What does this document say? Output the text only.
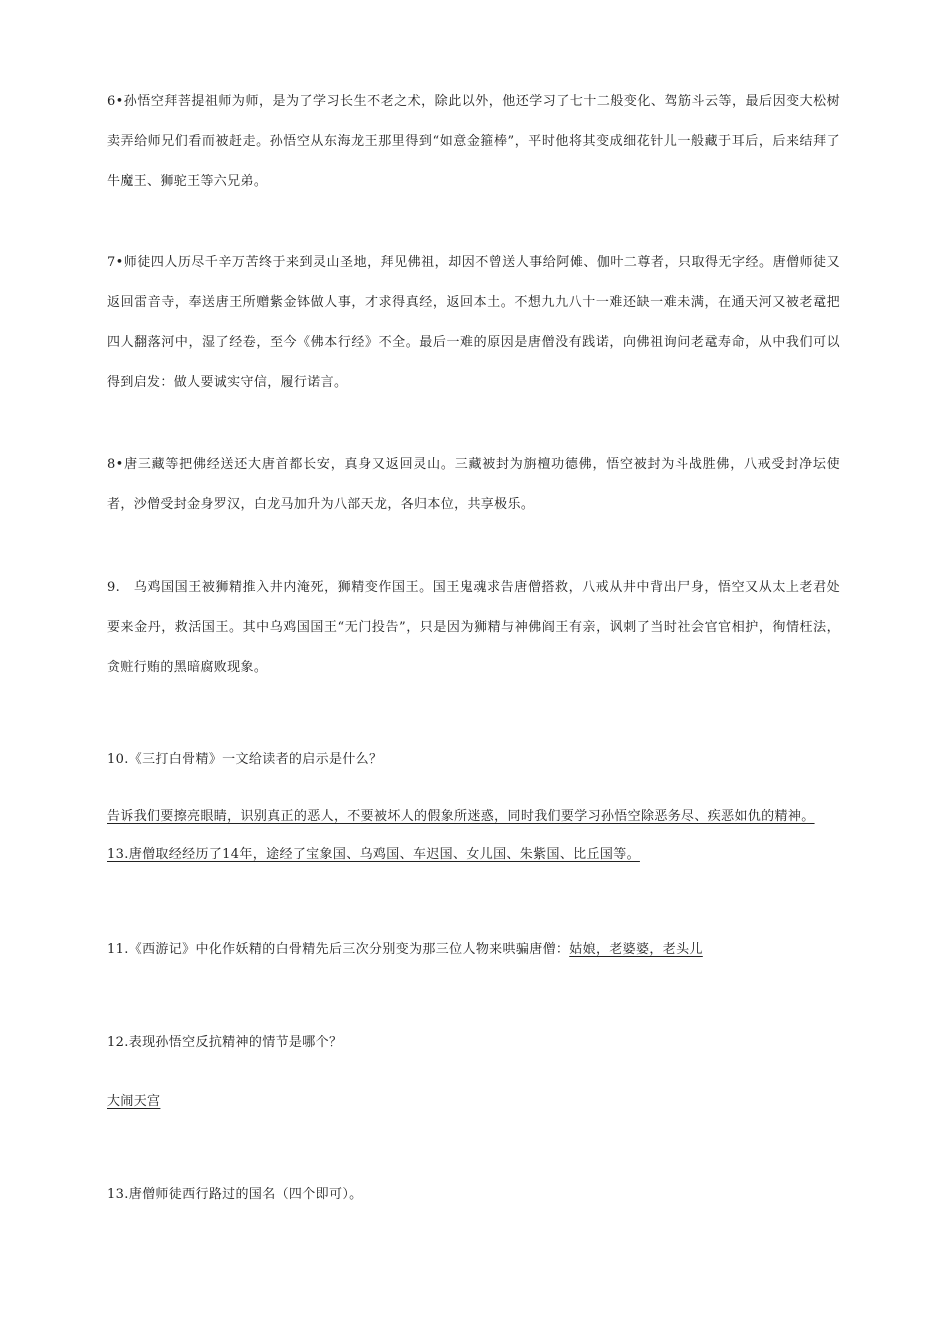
6•孙悟空拜菩提祖师为师，是为了学习长生不老之术，除此以外，他还学习了七十二般变化、驾筋斗云等，最后因变大松树卖弄给师兄们看而被赶走。孙悟空从东海龙王那里得到“如意金箍棒”，平时他将其变成细花针儿一般藏于耳后，后来结拜了牛魔王、狮驼王等六兄弟。

7•师徒四人历尽千辛万苦终于来到灵山圣地，拜见佛祖，却因不曾送人事给阿傩、伽叶二尊者，只取得无字经。唐僧师徒又返回雷音寺，奉送唐王所赠紫金钵做人事，才求得真经，返回本土。不想九九八十一难还缺一难未满，在通天河又被老鼋把四人翻落河中，湿了经卷，至今《佛本行经》不全。最后一难的原因是唐僧没有践诺，向佛祖询问老鼋寿命，从中我们可以得到启发：做人要诚实守信，履行诺言。

8•唐三藏等把佛经送还大唐首都长安，真身又返回灵山。三藏被封为旃檀功德佛，悟空被封为斗战胜佛，八戒受封净坛使者，沙僧受封金身罗汉，白龙马加升为八部天龙，各归本位，共享极乐。

9.　乌鸡国国王被狮精推入井内淹死，狮精变作国王。国王鬼魂求告唐僧搭救，八戒从井中背出尸身，悟空又从太上老君处要来金丹，救活国王。其中乌鸡国国王“无门投告”，只是因为狮精与神佛阎王有亲，讽刺了当时社会官官相护，徇情枉法，贪赃行贿的黑暗腐败现象。

10.《三打白骨精》一文给读者的启示是什么？

告诉我们要擦亮眼睛，识别真正的恶人，不要被坏人的假象所迷惑，同时我们要学习孙悟空除恶务尽、疾恶如仇的精神。

13.唐僧取经经历了14年，途经了宝象国、乌鸡国、车迟国、女儿国、朱紫国、比丘国等。

11.《西游记》中化作妖精的白骨精先后三次分别变为那三位人物来哄骗唐僧：姑娘，老婆婆，老头儿

12.表现孙悟空反抗精神的情节是哪个？

大闹天宫

13.唐僧师徒西行路过的国名（四个即可）。
